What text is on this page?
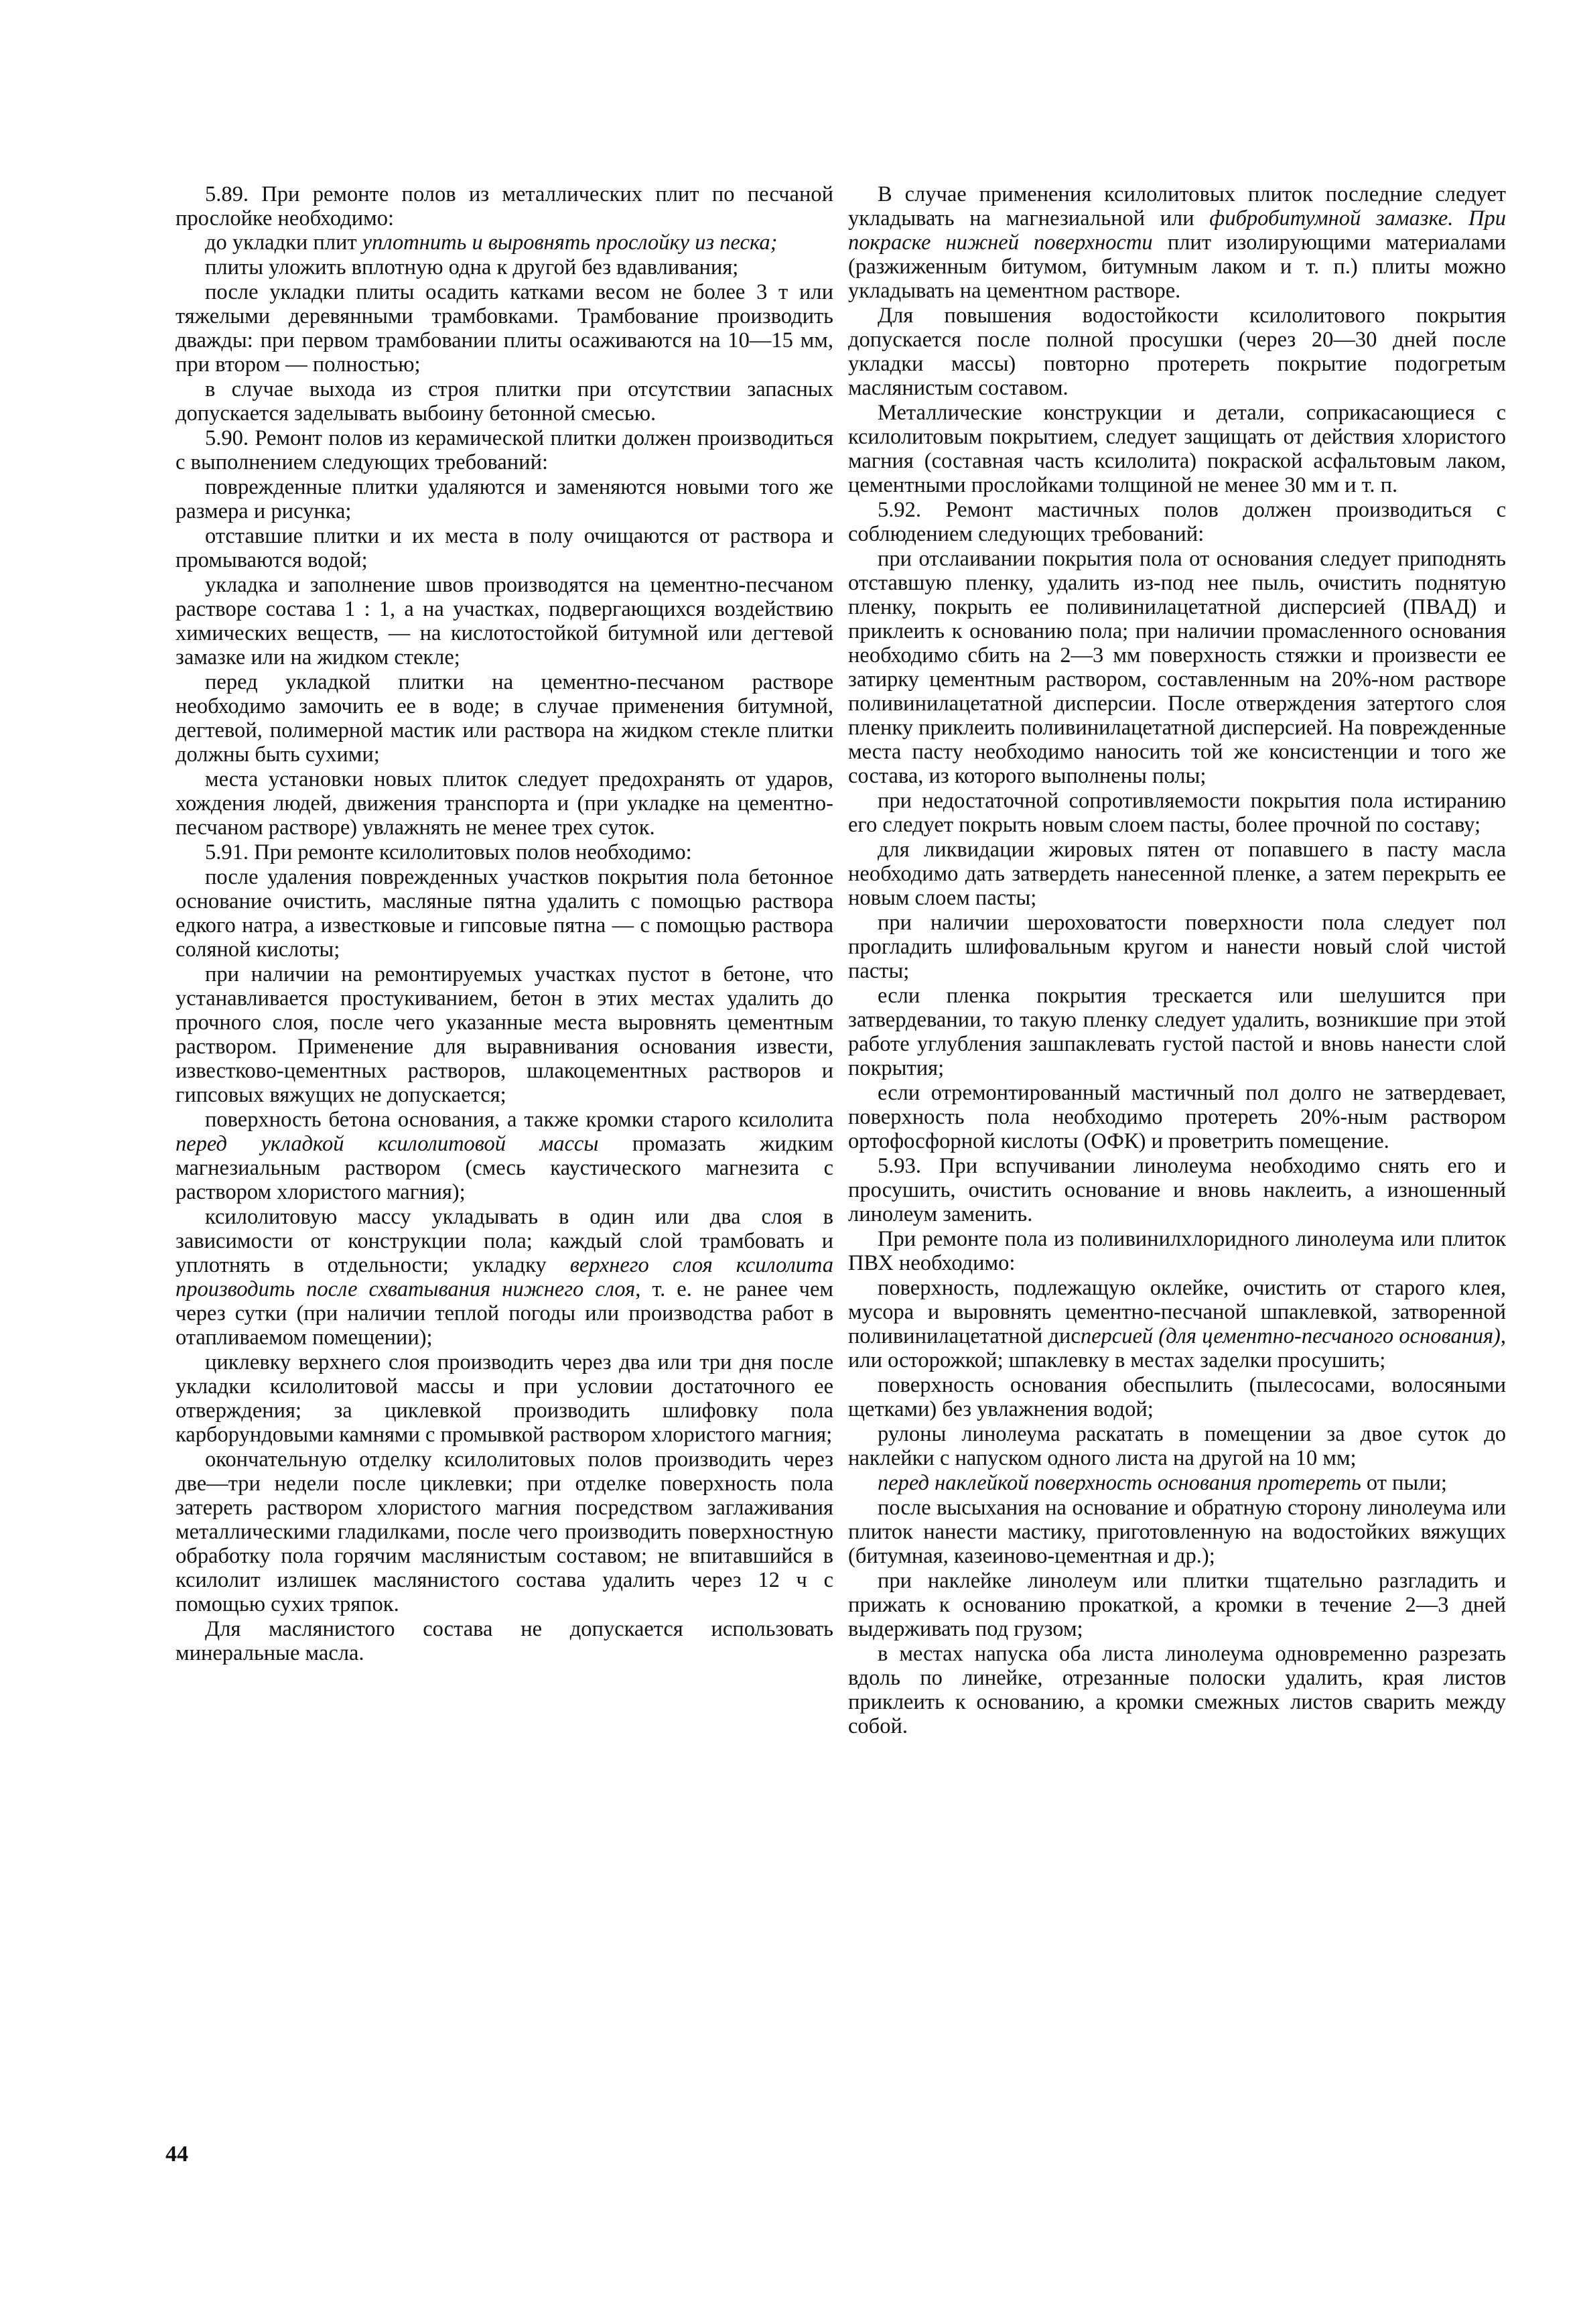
5.89. При ремонте полов из металлических плит по песчаной прослойке необходимо:

до укладки плит уплотнить и выровнять прослойку из песка;

плиты уложить вплотную одна к другой без вдавливания;

после укладки плиты осадить катками весом не более 3 т или тяжелыми деревянными трамбовками. Трамбование производить дважды: при первом трамбовании плиты осаживаются на 10—15 мм, при втором — полностью;

в случае выхода из строя плитки при отсутствии запасных допускается заделывать выбоину бетонной смесью.

5.90. Ремонт полов из керамической плитки должен производиться с выполнением следующих требований:

поврежденные плитки удаляются и заменяются новыми того же размера и рисунка;

отставшие плитки и их места в полу очищаются от раствора и промываются водой;

укладка и заполнение швов производятся на цементно-песчаном растворе состава 1 : 1, а на участках, подвергающихся воздействию химических веществ, — на кислотостойкой битумной или дегтевой замазке или на жидком стекле;

перед укладкой плитки на цементно-песчаном растворе необходимо замочить ее в воде; в случае применения битумной, дегтевой, полимерной мастик или раствора на жидком стекле плитки должны быть сухими;

места установки новых плиток следует предохранять от ударов, хождения людей, движения транспорта и (при укладке на цементно-песчаном растворе) увлажнять не менее трех суток.

5.91. При ремонте ксилолитовых полов необходимо:

после удаления поврежденных участков покрытия пола бетонное основание очистить, масляные пятна удалить с помощью раствора едкого натра, а известковые и гипсовые пятна — с помощью раствора соляной кислоты;

при наличии на ремонтируемых участках пустот в бетоне, что устанавливается простукиванием, бетон в этих местах удалить до прочного слоя, после чего указанные места выровнять цементным раствором. Применение для выравнивания основания извести, известково-цементных растворов, шлакоцементных растворов и гипсовых вяжущих не допускается;

поверхность бетона основания, а также кромки старого ксилолита перед укладкой ксилолитовой массы промазать жидким магнезиальным раствором (смесь каустического магнезита с раствором хлористого магния);

ксилолитовую массу укладывать в один или два слоя в зависимости от конструкции пола; каждый слой трамбовать и уплотнять в отдельности; укладку верхнего слоя ксилолита производить после схватывания нижнего слоя, т. е. не ранее чем через сутки (при наличии теплой погоды или производства работ в отапливаемом помещении);

циклевку верхнего слоя производить через два или три дня после укладки ксилолитовой массы и при условии достаточного ее отверждения; за циклевкой производить шлифовку пола карборундовыми камнями с промывкой раствором хлористого магния;

окончательную отделку ксилолитовых полов производить через две—три недели после циклевки; при отделке поверхность пола затереть раствором хлористого магния посредством заглаживания металлическими гладилками, после чего производить поверхностную обработку пола горячим маслянистым составом; не впитавшийся в ксилолит излишек маслянистого состава удалить через 12 ч с помощью сухих тряпок.

Для маслянистого состава не допускается использовать минеральные масла.

В случае применения ксилолитовых плиток последние следует укладывать на магнезиальной или фибробитумной замазке. При покраске нижней поверхности плит изолирующими материалами (разжиженным битумом, битумным лаком и т. п.) плиты можно укладывать на цементном растворе.

Для повышения водостойкости ксилолитового покрытия допускается после полной просушки (через 20—30 дней после укладки массы) повторно протереть покрытие подогретым маслянистым составом.

Металлические конструкции и детали, соприкасающиеся с ксилолитовым покрытием, следует защищать от действия хлористого магния (составная часть ксилолита) покраской асфальтовым лаком, цементными прослойками толщиной не менее 30 мм и т. п.

5.92. Ремонт мастичных полов должен производиться с соблюдением следующих требований:

при отслаивании покрытия пола от основания следует приподнять отставшую пленку, удалить из-под нее пыль, очистить поднятую пленку, покрыть ее поливинилацетатной дисперсией (ПВАД) и приклеить к основанию пола; при наличии промасленного основания необходимо сбить на 2—3 мм поверхность стяжки и произвести ее затирку цементным раствором, составленным на 20%-ном растворе поливинилацетатной дисперсии. После отверждения затертого слоя пленку приклеить поливинилацетатной дисперсией. На поврежденные места пасту необходимо наносить той же консистенции и того же состава, из которого выполнены полы;

при недостаточной сопротивляемости покрытия пола истиранию его следует покрыть новым слоем пасты, более прочной по составу;

для ликвидации жировых пятен от попавшего в пасту масла необходимо дать затвердеть нанесенной пленке, а затем перекрыть ее новым слоем пасты;

при наличии шероховатости поверхности пола следует пол прогладить шлифовальным кругом и нанести новый слой чистой пасты;

если пленка покрытия трескается или шелушится при затвердевании, то такую пленку следует удалить, возникшие при этой работе углубления зашпаклевать густой пастой и вновь нанести слой покрытия;

если отремонтированный мастичный пол долго не затвердевает, поверхность пола необходимо протереть 20%-ным раствором ортофосфорной кислоты (ОФК) и проветрить помещение.

5.93. При вспучивании линолеума необходимо снять его и просушить, очистить основание и вновь наклеить, а изношенный линолеум заменить.

При ремонте пола из поливинилхлоридного линолеума или плиток ПВХ необходимо:

поверхность, подлежащую оклейке, очистить от старого клея, мусора и выровнять цементно-песчаной шпаклевкой, затворенной поливинилацетатной дисперсией (для цементно-песчаного основания), или осторожкой; шпаклевку в местах заделки просушить;

поверхность основания обеспылить (пылесосами, волосяными щетками) без увлажнения водой;

рулоны линолеума раскатать в помещении за двое суток до наклейки с напуском одного листа на другой на 10 мм;

перед наклейкой поверхность основания протереть от пыли;

после высыхания на основание и обратную сторону линолеума или плиток нанести мастику, приготовленную на водостойких вяжущих (битумная, казеиново-цементная и др.);

при наклейке линолеум или плитки тщательно разгладить и прижать к основанию прокаткой, а кромки в течение 2—3 дней выдерживать под грузом;

в местах напуска оба листа линолеума одновременно разрезать вдоль по линейке, отрезанные полоски удалить, края листов приклеить к основанию, а кромки смежных листов сварить между собой.

44
